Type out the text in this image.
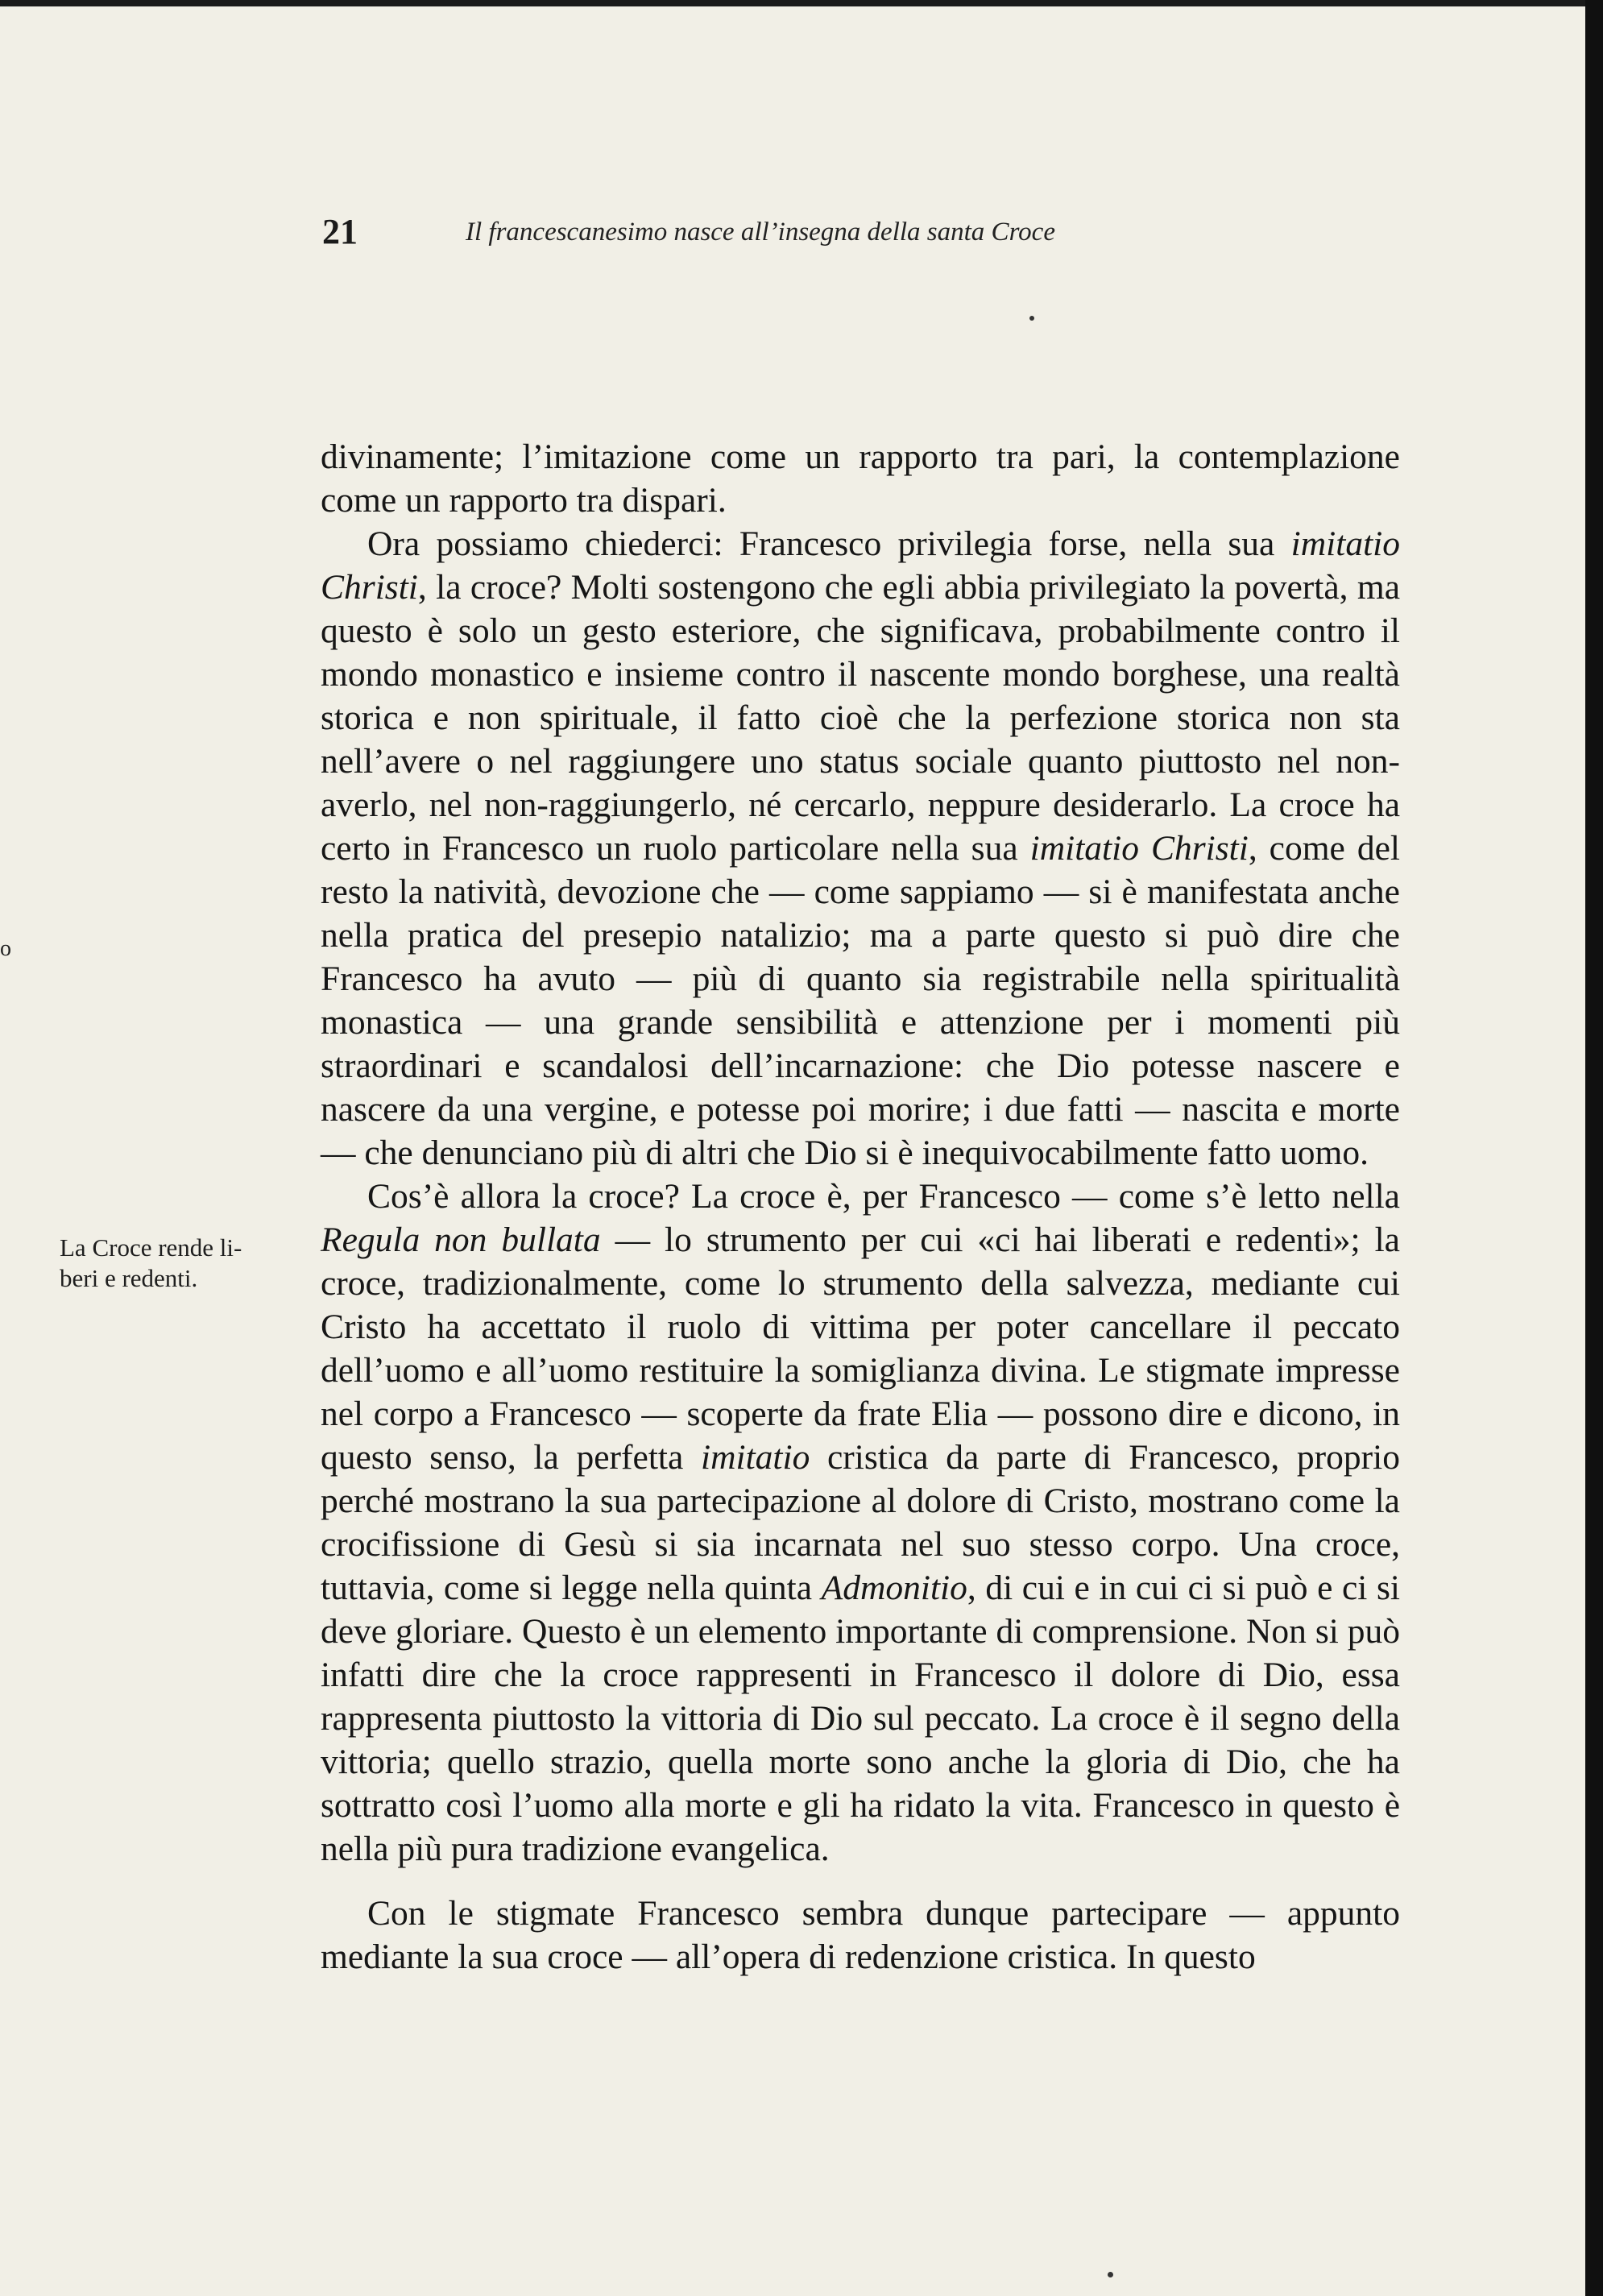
o
21	Il francescanesimo nasce all’insegna della santa Croce
La Croce rende li-
beri e redenti.

divinamente; l’imitazione come un rapporto tra pari, la contemplazione come un rapporto tra dispari.

Ora possiamo chiederci: Francesco privilegia forse, nella sua imitatio Christi, la croce? Molti sostengono che egli abbia privilegiato la povertà, ma questo è solo un gesto esteriore, che significava, probabilmente contro il mondo monastico e insieme contro il nascente mondo borghese, una realtà storica e non spirituale, il fatto cioè che la perfezione storica non sta nell’avere o nel raggiungere uno status sociale quanto piuttosto nel non-averlo, nel non-raggiungerlo, né cercarlo, neppure desiderarlo. La croce ha certo in Francesco un ruolo particolare nella sua imitatio Christi, come del resto la natività, devozione che — come sappiamo — si è manifestata anche nella pratica del presepio natalizio; ma a parte questo si può dire che Francesco ha avuto — più di quanto sia registrabile nella spiritualità monastica — una grande sensibilità e attenzione per i momenti più straordinari e scandalosi dell’incarnazione: che Dio potesse nascere e nascere da una vergine, e potesse poi morire; i due fatti — nascita e morte — che denunciano più di altri che Dio si è inequivocabilmente fatto uomo.

Cos’è allora la croce? La croce è, per Francesco — come s’è letto nella Regula non bullata — lo strumento per cui «ci hai liberati e redenti»; la croce, tradizionalmente, come lo strumento della salvezza, mediante cui Cristo ha accettato il ruolo di vittima per poter cancellare il peccato dell’uomo e all’uomo restituire la somiglianza divina. Le stigmate impresse nel corpo a Francesco — scoperte da frate Elia — possono dire e dicono, in questo senso, la perfetta imitatio cristica da parte di Francesco, proprio perché mostrano la sua partecipazione al dolore di Cristo, mostrano come la crocifissione di Gesù si sia incarnata nel suo stesso corpo. Una croce, tuttavia, come si legge nella quinta Admonitio, di cui e in cui ci si può e ci si deve gloriare. Questo è un elemento importante di comprensione. Non si può infatti dire che la croce rappresenti in Francesco il dolore di Dio, essa rappresenta piuttosto la vittoria di Dio sul peccato. La croce è il segno della vittoria; quello strazio, quella morte sono anche la gloria di Dio, che ha sottratto così l’uomo alla morte e gli ha ridato la vita. Francesco in questo è nella più pura tradizione evangelica.

Con le stigmate Francesco sembra dunque partecipare — appunto mediante la sua croce — all’opera di redenzione cristica. In questo
